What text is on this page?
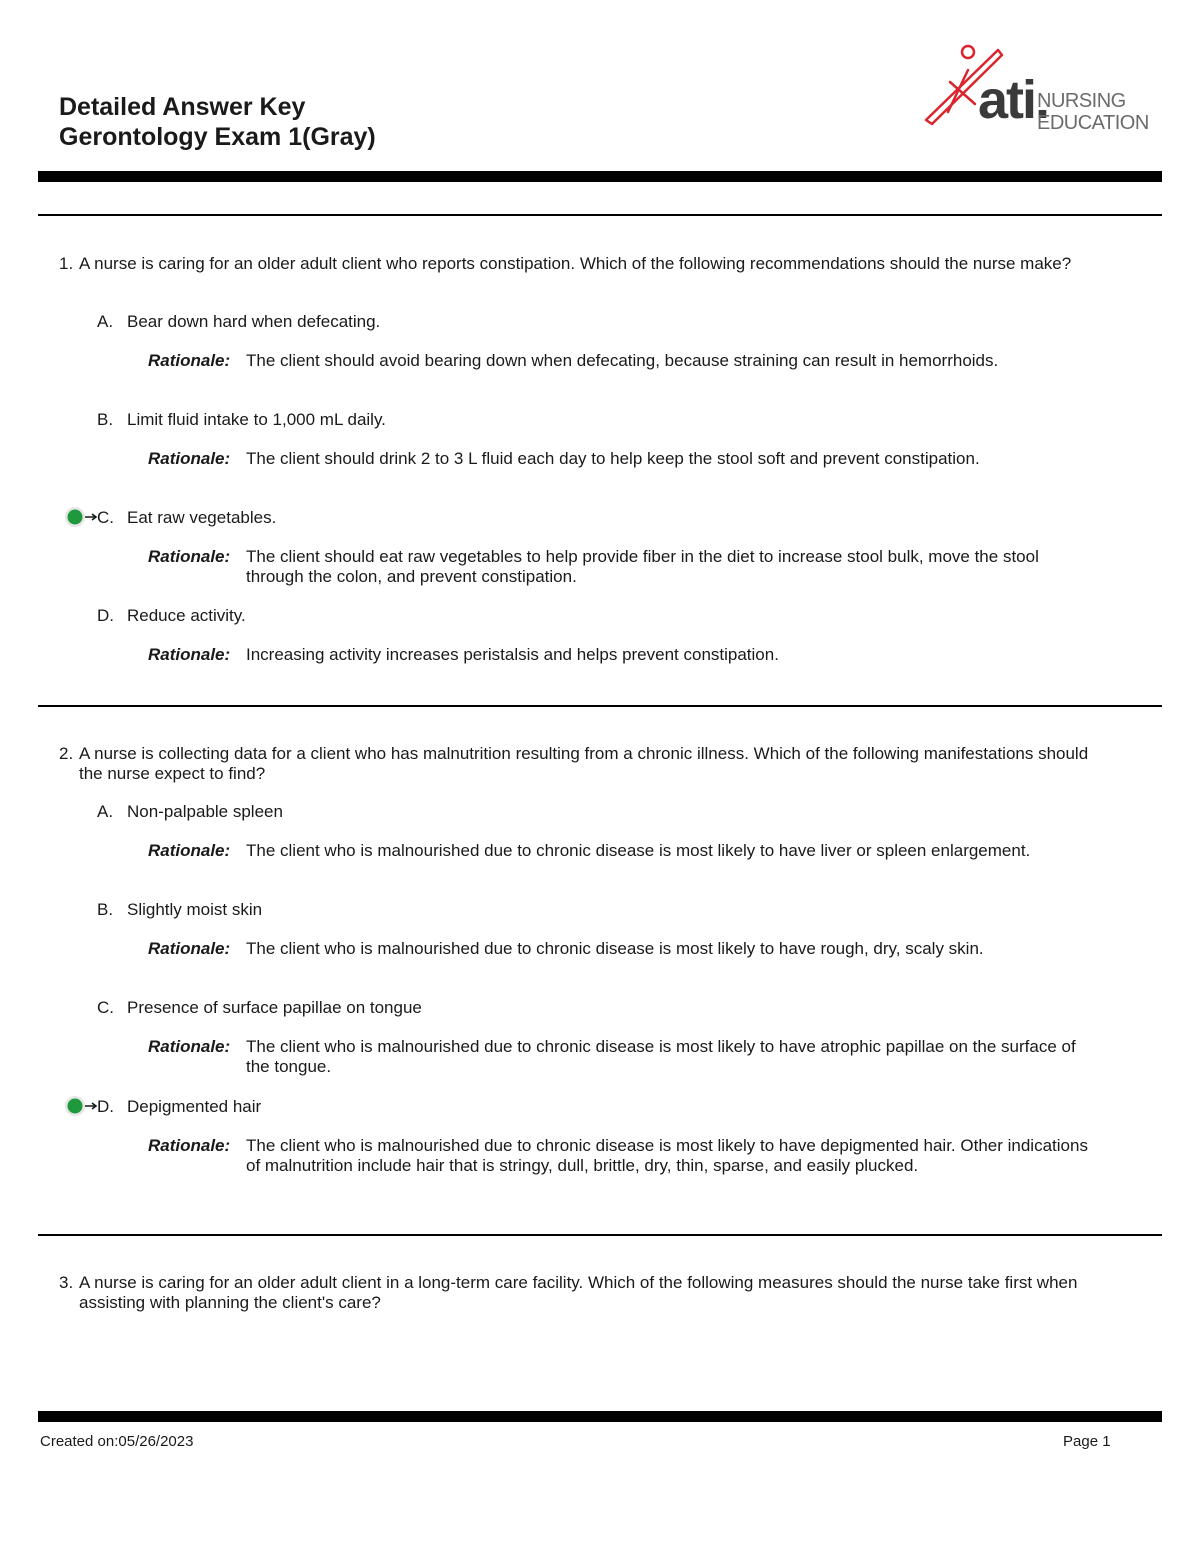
Detailed Answer Key
Gerontology Exam 1(Gray)
ati.
NURSING
EDUCATION
1. A nurse is caring for an older adult client who reports constipation. Which of the following recommendations should the nurse make?
A. Bear down hard when defecating.
Rationale: The client should avoid bearing down when defecating, because straining can result in hemorrhoids.
B. Limit fluid intake to 1,000 mL daily.
Rationale: The client should drink 2 to 3 L fluid each day to help keep the stool soft and prevent constipation.
C. Eat raw vegetables.
Rationale: The client should eat raw vegetables to help provide fiber in the diet to increase stool bulk, move the stool through the colon, and prevent constipation.
D. Reduce activity.
Rationale: Increasing activity increases peristalsis and helps prevent constipation.
2. A nurse is collecting data for a client who has malnutrition resulting from a chronic illness. Which of the following manifestations should the nurse expect to find?
A. Non-palpable spleen
Rationale: The client who is malnourished due to chronic disease is most likely to have liver or spleen enlargement.
B. Slightly moist skin
Rationale: The client who is malnourished due to chronic disease is most likely to have rough, dry, scaly skin.
C. Presence of surface papillae on tongue
Rationale: The client who is malnourished due to chronic disease is most likely to have atrophic papillae on the surface of the tongue.
D. Depigmented hair
Rationale: The client who is malnourished due to chronic disease is most likely to have depigmented hair. Other indications of malnutrition include hair that is stringy, dull, brittle, dry, thin, sparse, and easily plucked.
3. A nurse is caring for an older adult client in a long-term care facility. Which of the following measures should the nurse take first when assisting with planning the client's care?
Created on:05/26/2023	Page 1
